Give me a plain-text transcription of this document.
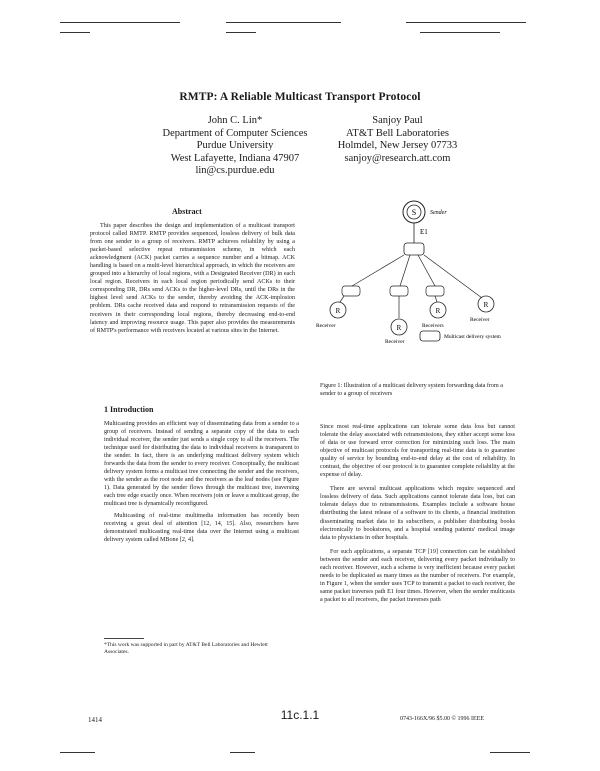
RMTP: A Reliable Multicast Transport Protocol
John C. Lin*
Department of Computer Sciences
Purdue University
West Lafayette, Indiana 47907
lin@cs.purdue.edu
Sanjoy Paul
AT&T Bell Laboratories
Holmdel, New Jersey 07733
sanjoy@research.att.com
Abstract

This paper describes the design and implementation of a multicast transport protocol called RMTP. RMTP provides sequenced, lossless delivery of bulk data from one sender to a group of receivers. RMTP achieves reliability by using a packet-based selective repeat retransmission scheme, in which each acknowledgment (ACK) packet carries a sequence number and a bitmap. ACK handling is based on a multi-level hierarchical approach, in which the receivers are grouped into a hierarchy of local regions, with a Designated Receiver (DR) in each local region. Receivers in each local region periodically send ACKs to their corresponding DR, DRs send ACKs to the higher-level DRs, until the DRs in the highest level send ACKs to the sender, thereby avoiding the ACK-implosion problem. DRs cache received data and respond to retransmission requests of the receivers in their corresponding local regions, thereby decreasing end-to-end latency and improving resource usage. This paper also provides the measurements of RMTP's performance with receivers located at various sites in the Internet.

1 Introduction

Multicasting provides an efficient way of disseminating data from a sender to a group of receivers. Instead of sending a separate copy of the data to each individual receiver, the sender just sends a single copy to all the receivers. The technique used for distributing the data to individual receivers is transparent to the sender. In fact, there is an underlying multicast delivery system which forwards the data from the sender to every receiver. Conceptually, the multicast delivery system forms a multicast tree connecting the sender and the receivers, with the sender as the root node and the receivers as the leaf nodes (see Figure 1). Data generated by the sender flows through the multicast tree, traversing each tree edge exactly once. When receivers join or leave a multicast group, the multicast tree is dynamically reconfigured.

Multicasting of real-time multimedia information has recently been receiving a great deal of attention [12, 14, 15]. Also, researchers have demonstrated multicasting real-time data over the Internet using a multicast delivery system called MBone [2, 4].

*This work was supported in part by AT&T Bell Laboratories and Hewlett Associates.
S Sender
E1
R
Receiver	R
Receiver
R
Receivers
R
Receiver
Multicast delivery system
Figure 1: Illustration of a multicast delivery system forwarding data from a sender to a group of receivers

Since most real-time applications can tolerate some data loss but cannot tolerate the delay associated with retransmissions, they either accept some loss of data or use forward error correction for minimizing such loss. The main objective of multicast protocols for transporting real-time data is to guarantee quality of service by bounding end-to-end delay at the cost of reliability. In contrast, the objective of our protocol is to guarantee complete reliability at the expense of delay.

There are several multicast applications which require sequenced and lossless delivery of data. Such applications cannot tolerate data loss, but can tolerate delays due to retransmissions. Examples include a software house distributing the latest release of a software to its clients, a financial institution disseminating market data to its subscribers, a publisher distributing books electronically to bookstores, and a hospital sending patients' medical image data to physicians in other hospitals.

For such applications, a separate TCP [19] connection can be established between the sender and each receiver, delivering every packet individually to each receiver. However, such a scheme is very inefficient because every packet needs to be duplicated as many times as the number of receivers. For example, in Figure 1, when the sender uses TCP to transmit a packet to each receiver, the same packet traverses path E1 four times. However, when the sender multicasts a packet to all receivers, the packet traverses path

1414	11c.1.1	0743-166X/96 $5.00 © 1996 IEEE
